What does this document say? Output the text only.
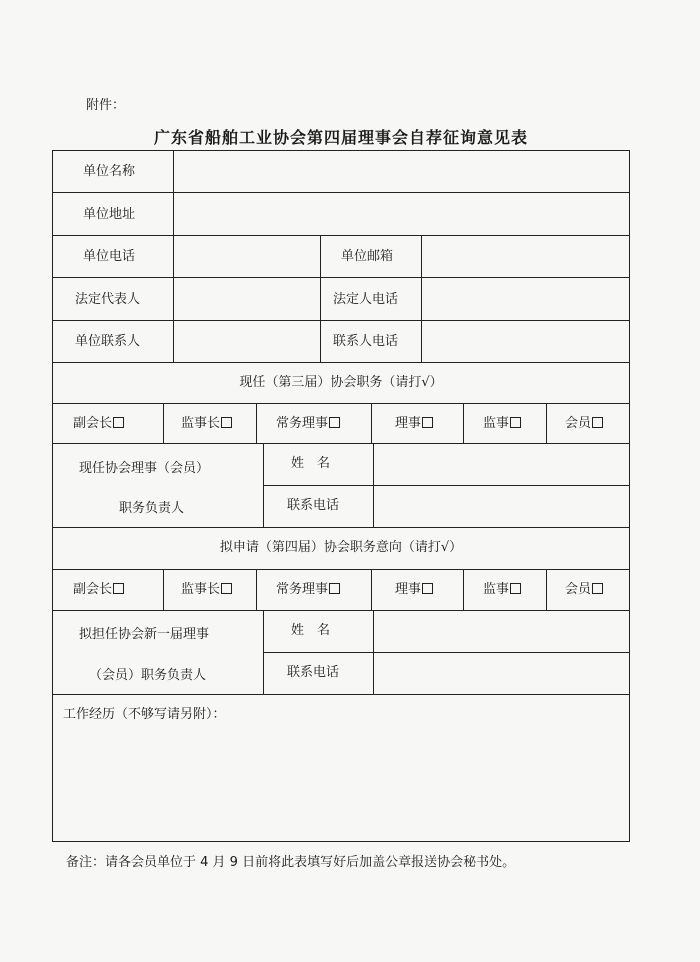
附件：
广东省船舶工业协会第四届理事会自荐征询意见表
单位名称
单位地址
单位电话	单位邮箱
法定代表人	法定人电话
单位联系人	联系人电话
现任（第三届）协会职务（请打√）
副会长	监事长	常务理事	理事	监事	会员
现任协会理事（会员）
职务负责人
姓　名
联系电话
拟申请（第四届）协会职务意向（请打√）
副会长	监事长	常务理事	理事	监事	会员
拟担任协会新一届理事
（会员）职务负责人
姓　名
联系电话
工作经历（不够写请另附）：
备注：请各会员单位于 4 月 9 日前将此表填写好后加盖公章报送协会秘书处。
